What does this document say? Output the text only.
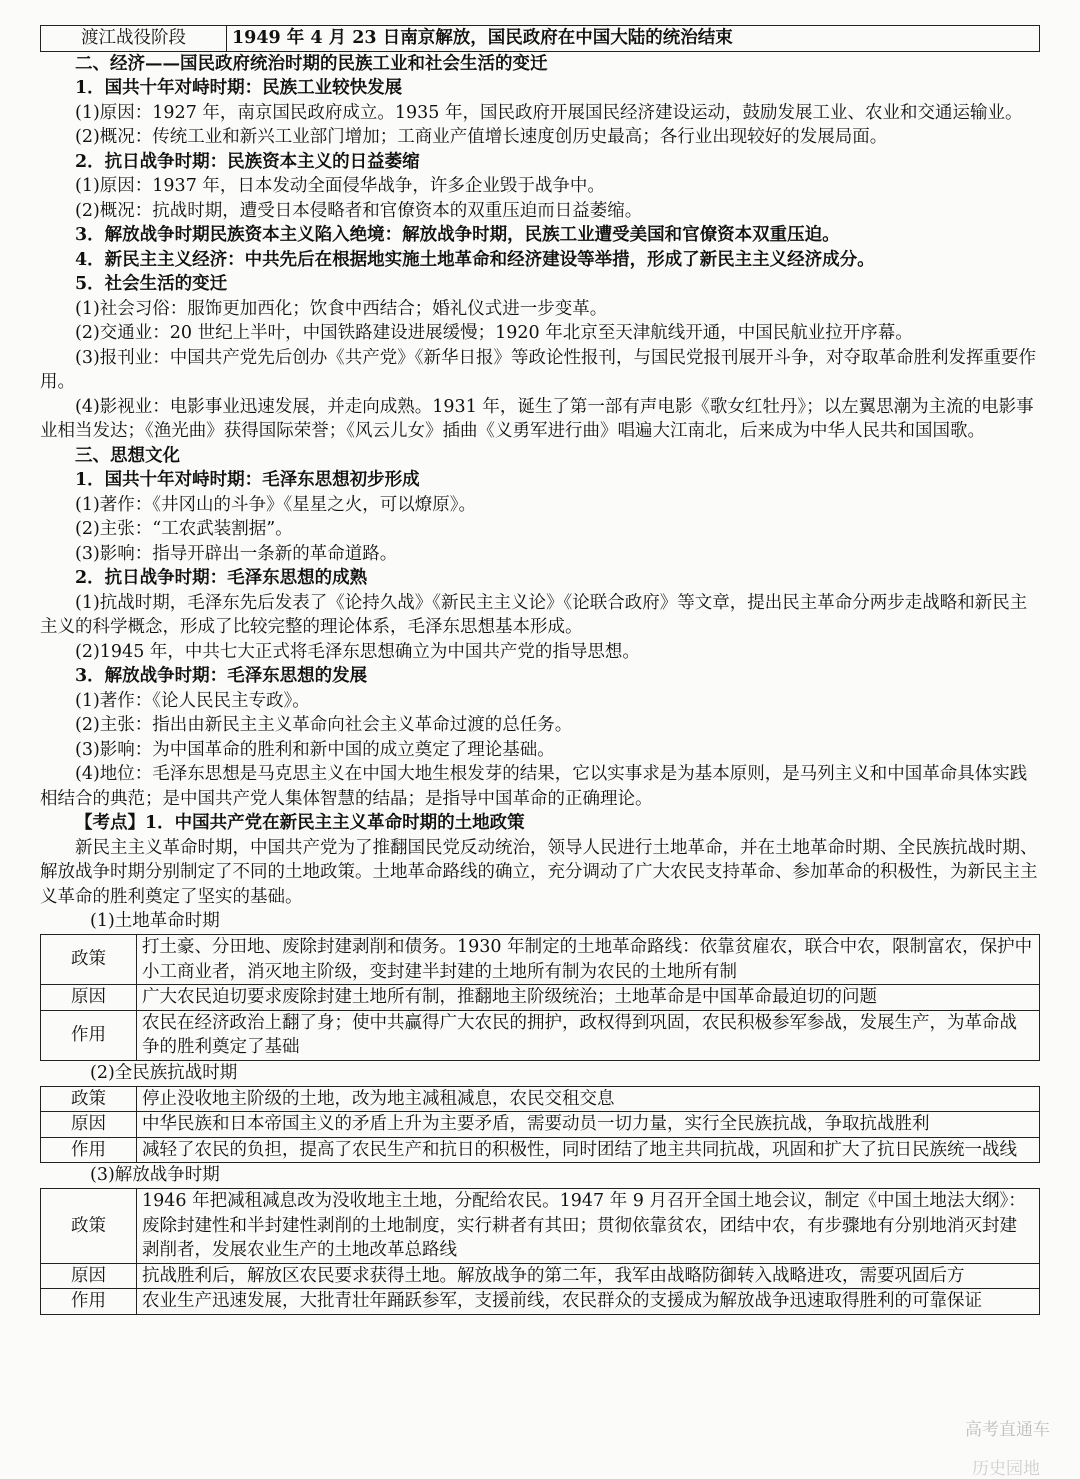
渡江战役阶段	1949 年 4 月 23 日南京解放，国民政府在中国大陆的统治结束

二、经济——国民政府统治时期的民族工业和社会生活的变迁

1．国共十年对峙时期：民族工业较快发展

(1)原因：1927 年，南京国民政府成立。1935 年，国民政府开展国民经济建设运动，鼓励发展工业、农业和交通运输业。

(2)概况：传统工业和新兴工业部门增加；工商业产值增长速度创历史最高；各行业出现较好的发展局面。

2．抗日战争时期：民族资本主义的日益萎缩

(1)原因：1937 年，日本发动全面侵华战争，许多企业毁于战争中。

(2)概况：抗战时期，遭受日本侵略者和官僚资本的双重压迫而日益萎缩。

3．解放战争时期民族资本主义陷入绝境：解放战争时期，民族工业遭受美国和官僚资本双重压迫。

4．新民主主义经济：中共先后在根据地实施土地革命和经济建设等举措，形成了新民主主义经济成分。

5．社会生活的变迁

(1)社会习俗：服饰更加西化；饮食中西结合；婚礼仪式进一步变革。

(2)交通业：20 世纪上半叶，中国铁路建设进展缓慢；1920 年北京至天津航线开通，中国民航业拉开序幕。

(3)报刊业：中国共产党先后创办《共产党》《新华日报》等政论性报刊，与国民党报刊展开斗争，对夺取革命胜利发挥重要作用。

(4)影视业：电影事业迅速发展，并走向成熟。1931 年，诞生了第一部有声电影《歌女红牡丹》；以左翼思潮为主流的电影事业相当发达；《渔光曲》获得国际荣誉；《风云儿女》插曲《义勇军进行曲》唱遍大江南北，后来成为中华人民共和国国歌。

三、思想文化

1．国共十年对峙时期：毛泽东思想初步形成

(1)著作：《井冈山的斗争》《星星之火，可以燎原》。

(2)主张：“工农武装割据”。

(3)影响：指导开辟出一条新的革命道路。

2．抗日战争时期：毛泽东思想的成熟

(1)抗战时期，毛泽东先后发表了《论持久战》《新民主主义论》《论联合政府》等文章，提出民主革命分两步走战略和新民主主义的科学概念，形成了比较完整的理论体系，毛泽东思想基本形成。

(2)1945 年，中共七大正式将毛泽东思想确立为中国共产党的指导思想。

3．解放战争时期：毛泽东思想的发展

(1)著作：《论人民民主专政》。

(2)主张：指出由新民主主义革命向社会主义革命过渡的总任务。

(3)影响：为中国革命的胜利和新中国的成立奠定了理论基础。

(4)地位：毛泽东思想是马克思主义在中国大地生根发芽的结果，它以实事求是为基本原则，是马列主义和中国革命具体实践相结合的典范；是中国共产党人集体智慧的结晶；是指导中国革命的正确理论。

【考点】1．中国共产党在新民主主义革命时期的土地政策

新民主主义革命时期，中国共产党为了推翻国民党反动统治，领导人民进行土地革命，并在土地革命时期、全民族抗战时期、解放战争时期分别制定了不同的土地政策。土地革命路线的确立，充分调动了广大农民支持革命、参加革命的积极性，为新民主主义革命的胜利奠定了坚实的基础。

(1)土地革命时期

政策	打土豪、分田地、废除封建剥削和债务。1930 年制定的土地革命路线：依靠贫雇农，联合中农，限制富农，保护中小工商业者，消灭地主阶级，变封建半封建的土地所有制为农民的土地所有制
原因	广大农民迫切要求废除封建土地所有制，推翻地主阶级统治；土地革命是中国革命最迫切的问题
作用	农民在经济政治上翻了身；使中共赢得广大农民的拥护，政权得到巩固，农民积极参军参战，发展生产，为革命战争的胜利奠定了基础

(2)全民族抗战时期

政策	停止没收地主阶级的土地，改为地主减租减息，农民交租交息
原因	中华民族和日本帝国主义的矛盾上升为主要矛盾，需要动员一切力量，实行全民族抗战，争取抗战胜利
作用	减轻了农民的负担，提高了农民生产和抗日的积极性，同时团结了地主共同抗战，巩固和扩大了抗日民族统一战线

(3)解放战争时期

政策	1946 年把减租减息改为没收地主土地，分配给农民。1947 年 9 月召开全国土地会议，制定《中国土地法大纲》：废除封建性和半封建性剥削的土地制度，实行耕者有其田；贯彻依靠贫农，团结中农，有步骤地有分别地消灭封建剥削者，发展农业生产的土地改革总路线
原因	抗战胜利后，解放区农民要求获得土地。解放战争的第二年，我军由战略防御转入战略进攻，需要巩固后方
作用	农业生产迅速发展，大批青壮年踊跃参军，支援前线，农民群众的支援成为解放战争迅速取得胜利的可靠保证
高考直通车
历史园地
